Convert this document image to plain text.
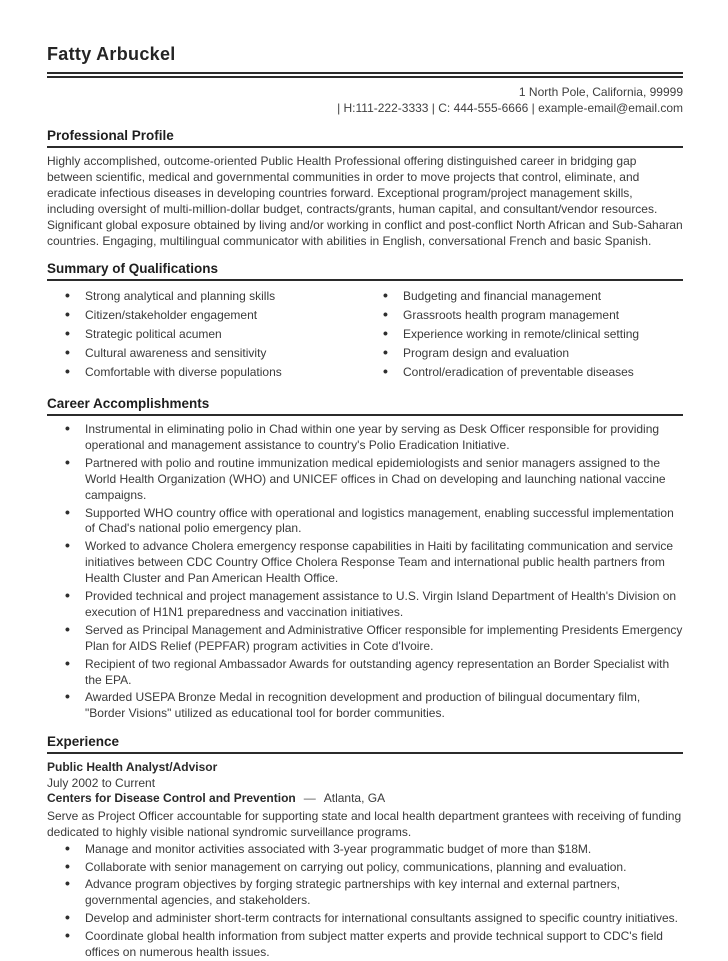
Fatty Arbuckel
1 North Pole, California, 99999
| H:111-222-3333 | C: 444-555-6666 | example-email@email.com
Professional Profile
Highly accomplished, outcome-oriented Public Health Professional offering distinguished career in bridging gap between scientific, medical and governmental communities in order to move projects that control, eliminate, and eradicate infectious diseases in developing countries forward. Exceptional program/project management skills, including oversight of multi-million-dollar budget, contracts/grants, human capital, and consultant/vendor resources. Significant global exposure obtained by living and/or working in conflict and post-conflict North African and Sub-Saharan countries. Engaging, multilingual communicator with abilities in English, conversational French and basic Spanish.
Summary of Qualifications
• Strong analytical and planning skills
• Citizen/stakeholder engagement
• Strategic political acumen
• Cultural awareness and sensitivity
• Comfortable with diverse populations
• Budgeting and financial management
• Grassroots health program management
• Experience working in remote/clinical setting
• Program design and evaluation
• Control/eradication of preventable diseases
Career Accomplishments
• Instrumental in eliminating polio in Chad within one year by serving as Desk Officer responsible for providing operational and management assistance to country's Polio Eradication Initiative.
• Partnered with polio and routine immunization medical epidemiologists and senior managers assigned to the World Health Organization (WHO) and UNICEF offices in Chad on developing and launching national vaccine campaigns.
• Supported WHO country office with operational and logistics management, enabling successful implementation of Chad's national polio emergency plan.
• Worked to advance Cholera emergency response capabilities in Haiti by facilitating communication and service initiatives between CDC Country Office Cholera Response Team and international public health partners from Health Cluster and Pan American Health Office.
• Provided technical and project management assistance to U.S. Virgin Island Department of Health's Division on execution of H1N1 preparedness and vaccination initiatives.
• Served as Principal Management and Administrative Officer responsible for implementing Presidents Emergency Plan for AIDS Relief (PEPFAR) program activities in Cote d'Ivoire.
• Recipient of two regional Ambassador Awards for outstanding agency representation an Border Specialist with the EPA.
• Awarded USEPA Bronze Medal in recognition development and production of bilingual documentary film, "Border Visions" utilized as educational tool for border communities.
Experience
Public Health Analyst/Advisor
July 2002 to Current
Centers for Disease Control and Prevention — Atlanta, GA
Serve as Project Officer accountable for supporting state and local health department grantees with receiving of funding dedicated to highly visible national syndromic surveillance programs.
• Manage and monitor activities associated with 3-year programmatic budget of more than $18M.
• Collaborate with senior management on carrying out policy, communications, planning and evaluation.
• Advance program objectives by forging strategic partnerships with key internal and external partners, governmental agencies, and stakeholders.
• Develop and administer short-term contracts for international consultants assigned to specific country initiatives.
• Coordinate global health information from subject matter experts and provide technical support to CDC's field offices on numerous health issues.
